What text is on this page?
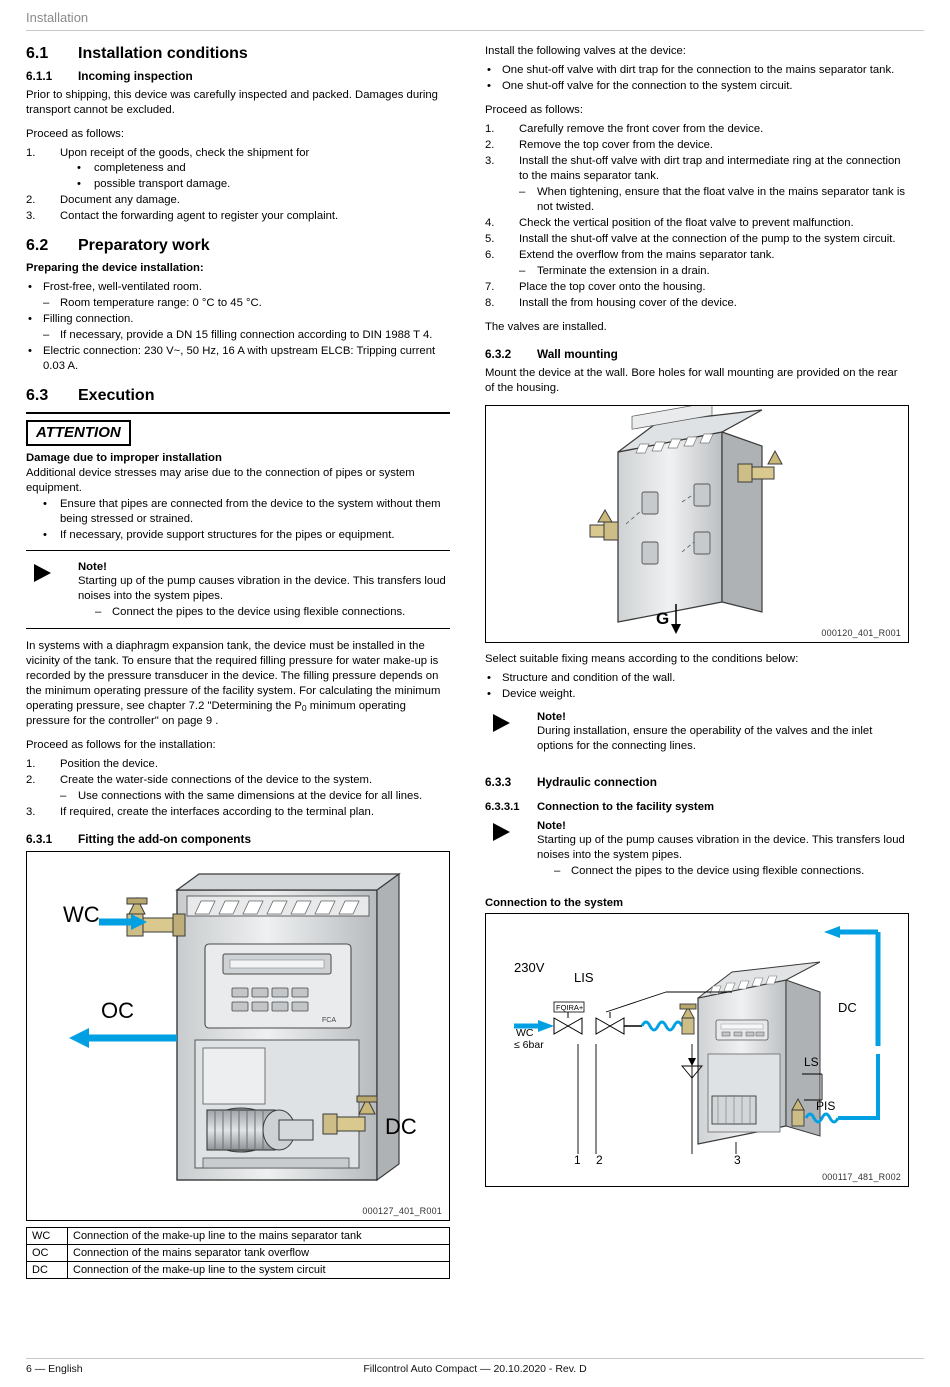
Installation
6.1 Installation conditions
6.1.1 Incoming inspection

Prior to shipping, this device was carefully inspected and packed. Damages during transport cannot be excluded.

Proceed as follows:

1. Upon receipt of the goods, check the shipment for
• completeness and
• possible transport damage.
2. Document any damage.
3. Contact the forwarding agent to register your complaint.
6.2 Preparatory work

Preparing the device installation:

• Frost-free, well-ventilated room.
– Room temperature range: 0 °C to 45 °C.
• Filling connection.
– If necessary, provide a DN 15 filling connection according to DIN 1988 T 4.
• Electric connection: 230 V~, 50 Hz, 16 A with upstream ELCB: Tripping current 0.03 A.
6.3 Execution
ATTENTION
Damage due to improper installation
Additional device stresses may arise due to the connection of pipes or system equipment.
• Ensure that pipes are connected from the device to the system without them being stressed or strained.
• If necessary, provide support structures for the pipes or equipment.
Note!
Starting up of the pump causes vibration in the device. This transfers loud noises into the system pipes.
– Connect the pipes to the device using flexible connections.

In systems with a diaphragm expansion tank, the device must be installed in the vicinity of the tank. To ensure that the required filling pressure for water make-up is recorded by the pressure transducer in the device. The filling pressure depends on the minimum operating pressure of the facility system. For calculating the minimum operating pressure, see chapter 7.2 "Determining the P0 minimum operating pressure for the controller" on page 9 .

Proceed as follows for the installation:

1. Position the device.
2. Create the water-side connections of the device to the system.
– Use connections with the same dimensions at the device for all lines.
3. If required, create the interfaces according to the terminal plan.
6.3.1 Fitting the add-on components
FCA
WC
OC
DC
000127_401_R001
WC	Connection of the make-up line to the mains separator tank
OC	Connection of the mains separator tank overflow
DC	Connection of the make-up line to the system circuit

Install the following valves at the device:

• One shut-off valve with dirt trap for the connection to the mains separator tank.
• One shut-off valve for the connection to the system circuit.

Proceed as follows:

1. Carefully remove the front cover from the device.
2. Remove the top cover from the device.
3. Install the shut-off valve with dirt trap and intermediate ring at the connection to the mains separator tank.
– When tightening, ensure that the float valve in the mains separator tank is not twisted.
4. Check the vertical position of the float valve to prevent malfunction.
5. Install the shut-off valve at the connection of the pump to the system circuit.
6. Extend the overflow from the mains separator tank.
– Terminate the extension in a drain.
7. Place the top cover onto the housing.
8. Install the from housing cover of the device.

The valves are installed.

6.3.2 Wall mounting

Mount the device at the wall. Bore holes for wall mounting are provided on the rear of the housing.

G
000120_401_R001

Select suitable fixing means according to the conditions below:

• Structure and condition of the wall.
• Device weight.
Note!
During installation, ensure the operability of the valves and the inlet options for the connecting lines.
6.3.3 Hydraulic connection
6.3.3.1 Connection to the facility system
Note!
Starting up of the pump causes vibration in the device. This transfers loud noises into the system pipes.
– Connect the pipes to the device using flexible connections.
Connection to the system
FQIRA+
230V
LIS
DC
LS
PIS
WC
≤ 6bar
1 2	3
000117_481_R002
Fillcontrol Auto Compact — 20.10.2020 - Rev. D
6 — English
